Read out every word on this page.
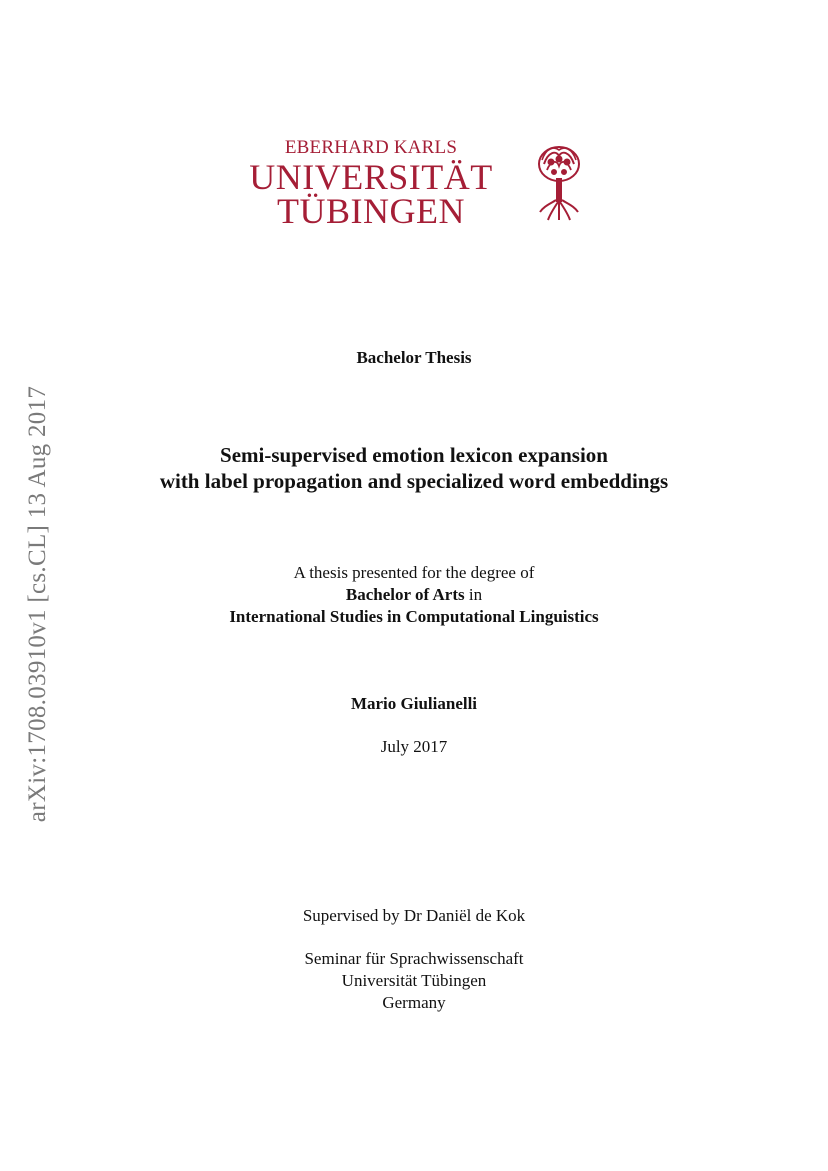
EBERHARD KARLS
UNIVERSITÄT
TÜBINGEN
arXiv:1708.03910v1 [cs.CL] 13 Aug 2017
Bachelor Thesis
Semi-supervised emotion lexicon expansion
with label propagation and specialized word embeddings
A thesis presented for the degree of
Bachelor of Arts in
International Studies in Computational Linguistics
Mario Giulianelli
July 2017
Supervised by Dr Daniël de Kok
Seminar für Sprachwissenschaft
Universität Tübingen
Germany
